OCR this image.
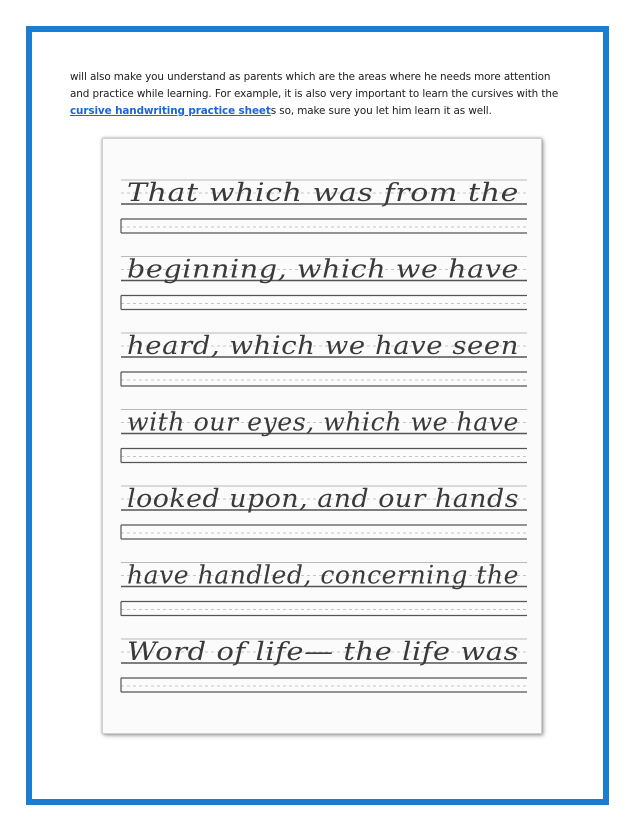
will also make you understand as parents which are the areas where he needs more attention

and practice while learning. For example, it is also very important to learn the cursives with the

cursive handwriting practice sheets so, make sure you let him learn it as well.

That which was from the
beginning, which we have
heard, which we have seen
with our eyes, which we have
looked upon, and our hands
have handled, concerning the
Word of life— the life was
